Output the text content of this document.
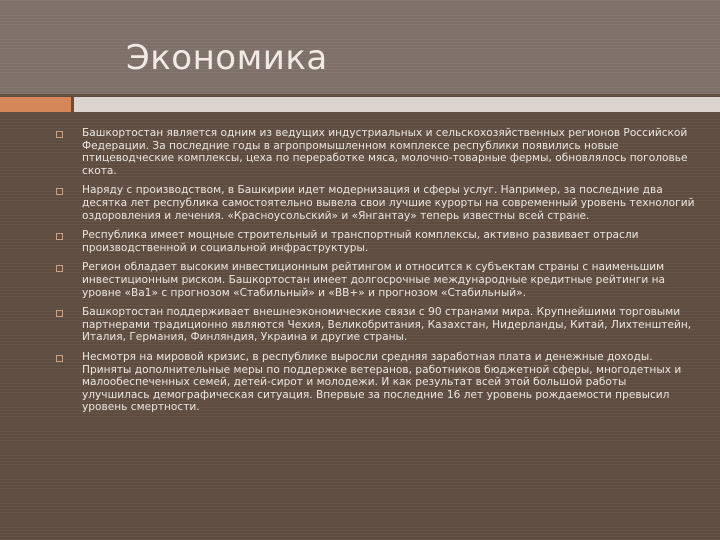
Экономика
Башкортостан является одним из ведущих индустриальных и сельскохозяйственных регионов Российской Федерации. За последние годы в агропромышленном комплексе республики появились новые птицеводческие комплексы, цеха по переработке мяса, молочно-товарные фермы, обновлялось поголовье скота.
Наряду с производством, в Башкирии идет модернизация и сферы услуг. Например, за последние два десятка лет республика самостоятельно вывела свои лучшие курорты на современный уровень технологий оздоровления и лечения. «Красноусольский» и «Янгантау» теперь известны всей стране.
Республика имеет мощные строительный и транспортный комплексы, активно развивает отрасли производственной и социальной инфраструктуры.
Регион обладает высоким инвестиционным рейтингом и относится к субъектам страны с наименьшим инвестиционным риском. Башкортостан имеет долгосрочные международные кредитные рейтинги на уровне «Ва1» с прогнозом «Стабильный» и «ВВ+» и прогнозом «Стабильный».
Башкортостан поддерживает внешнеэкономические связи с 90 странами мира. Крупнейшими торговыми партнерами традиционно являются Чехия, Великобритания, Казахстан, Нидерланды, Китай, Лихтенштейн, Италия, Германия, Финляндия, Украина и другие страны.
Несмотря на мировой кризис, в республике выросли средняя заработная плата и денежные доходы. Приняты дополнительные меры по поддержке ветеранов, работников бюджетной сферы, многодетных и малообеспеченных семей, детей-сирот и молодежи. И как результат всей этой большой работы улучшилась демографическая ситуация. Впервые за последние 16 лет уровень рождаемости превысил уровень смертности.
